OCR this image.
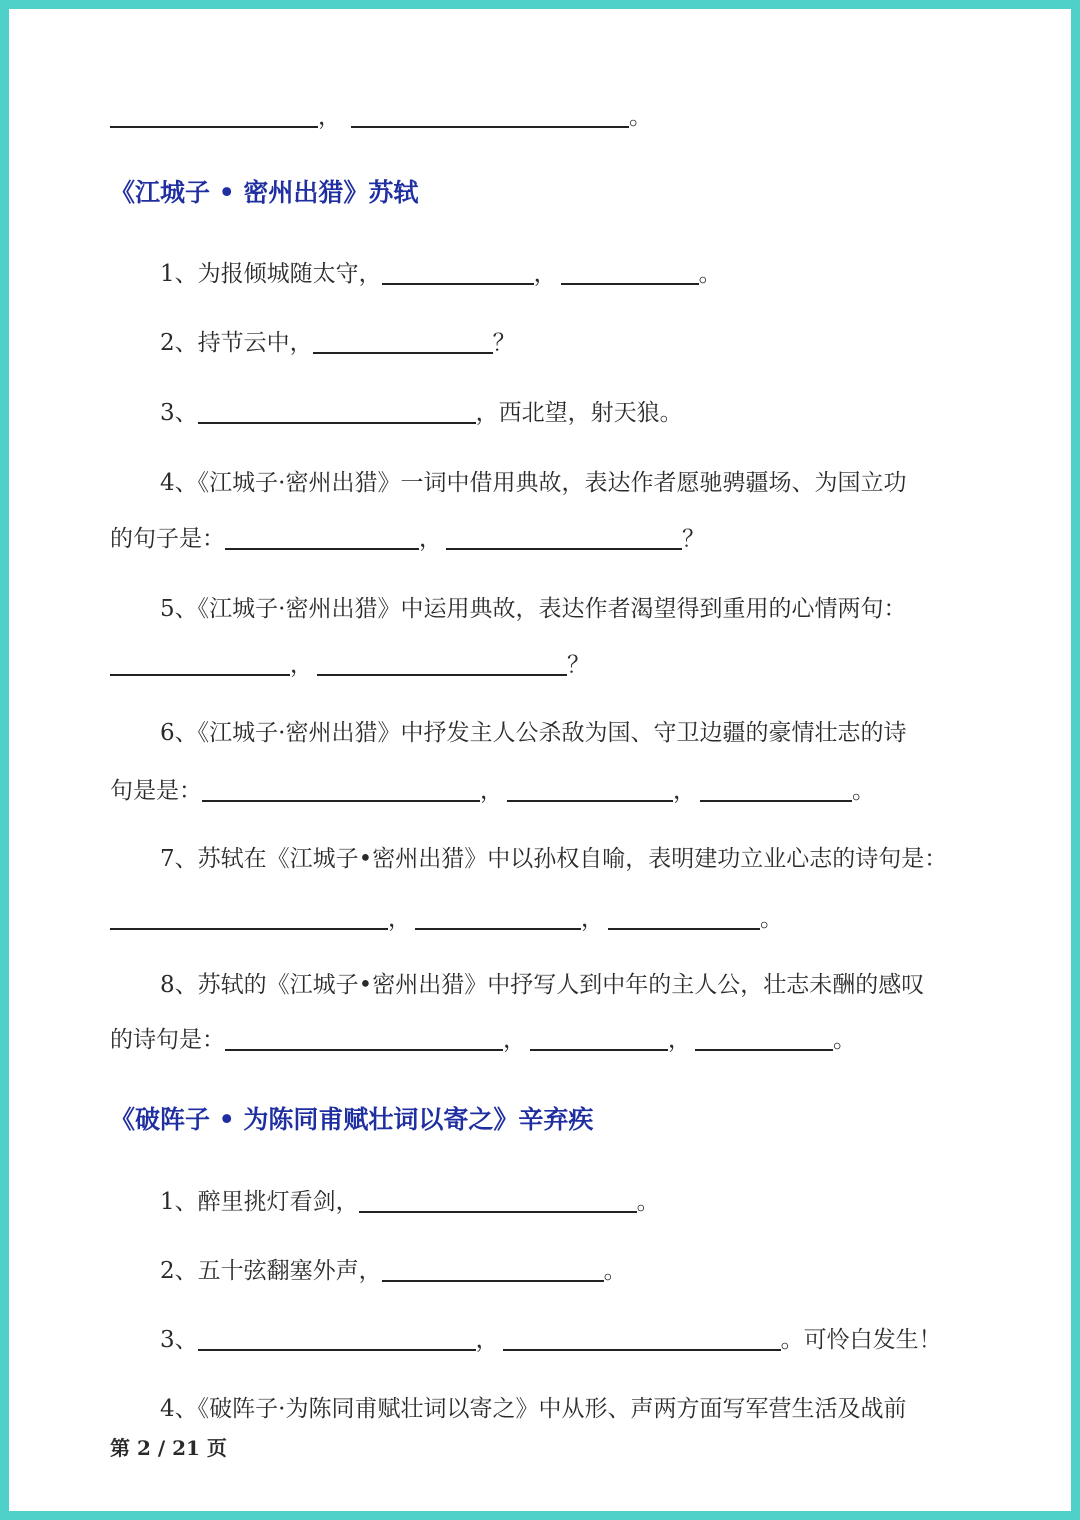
，	。
《江城子 • 密州出猎》苏轼
1、为报倾城随太守，	，	。
2、持节云中，	？
3、	，西北望，射天狼。
4、《江城子·密州出猎》一词中借用典故，表达作者愿驰骋疆场、为国立功
的句子是：	，	？
5、《江城子·密州出猎》中运用典故，表达作者渴望得到重用的心情两句：
，	？
6、《江城子·密州出猎》中抒发主人公杀敌为国、守卫边疆的豪情壮志的诗
句是是：	，	，	。
7、苏轼在《江城子•密州出猎》中以孙权自喻，表明建功立业心志的诗句是：
，	，	。
8、苏轼的《江城子•密州出猎》中抒写人到中年的主人公，壮志未酬的感叹
的诗句是：	，	，	。
《破阵子 • 为陈同甫赋壮词以寄之》辛弃疾
1、醉里挑灯看剑，	。
2、五十弦翻塞外声，	。
3、	，	。可怜白发生！
4、《破阵子·为陈同甫赋壮词以寄之》中从形、声两方面写军营生活及战前
第 2 / 21 页
